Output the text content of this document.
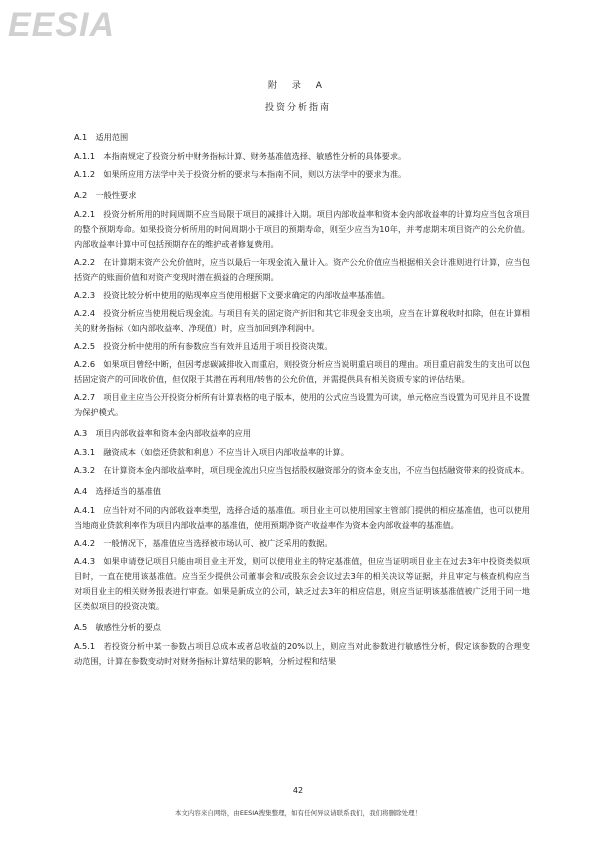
EESIA
附 录 A
投资分析指南

A.1　适用范围

A.1.1　本指南规定了投资分析中财务指标计算、财务基准值选择、敏感性分析的具体要求。

A.1.2　如果所应用方法学中关于投资分析的要求与本指南不同，则以方法学中的要求为准。

A.2　一般性要求

A.2.1　投资分析所用的时间周期不应当局限于项目的减排计入期。项目内部收益率和资本金内部收益率的计算均应当包含项目的整个预期寿命。如果投资分析所用的时间周期小于项目的预期寿命，则至少应当为10年，并考虑期末项目资产的公允价值。内部收益率计算中可包括预期存在的维护或者修复费用。

A.2.2　在计算期末资产公允价值时，应当以最后一年现金流入量计入。资产公允价值应当根据相关会计准则进行计算，应当包括资产的账面价值和对资产变现时潜在损益的合理预期。

A.2.3　投资比较分析中使用的贴现率应当使用根据下文要求确定的内部收益率基准值。

A.2.4　投资分析应当使用税后现金流。与项目有关的固定资产折旧和其它非现金支出项，应当在计算税收时扣除，但在计算相关的财务指标（如内部收益率、净现值）时，应当加回到净利润中。

A.2.5　投资分析中使用的所有参数应当有效并且适用于项目投资决策。

A.2.6　如果项目曾经中断，但因考虑碳减排收入而重启，则投资分析应当说明重启项目的理由。项目重启前发生的支出可以包括固定资产的可回收价值，但仅限于其潜在再利用/转售的公允价值，并需提供具有相关资质专家的评估结果。

A.2.7　项目业主应当公开投资分析所有计算表格的电子版本，使用的公式应当设置为可读，单元格应当设置为可见并且不设置为保护模式。

A.3　项目内部收益率和资本金内部收益率的应用

A.3.1　融资成本（如偿还贷款和利息）不应当计入项目内部收益率的计算。

A.3.2　在计算资本金内部收益率时，项目现金流出只应当包括股权融资部分的资本金支出，不应当包括融资带来的投资成本。

A.4　选择适当的基准值

A.4.1　应当针对不同的内部收益率类型，选择合适的基准值。项目业主可以使用国家主管部门提供的相应基准值，也可以使用当地商业贷款利率作为项目内部收益率的基准值，使用预期净资产收益率作为资本金内部收益率的基准值。

A.4.2　一般情况下，基准值应当选择被市场认可、被广泛采用的数据。

A.4.3　如果申请登记项目只能由项目业主开发，则可以使用业主的特定基准值，但应当证明项目业主在过去3年中投资类似项目时，一直在使用该基准值。应当至少提供公司董事会和/或股东会会议过去3年的相关决议等证据，并且审定与核查机构应当对项目业主的相关财务报表进行审查。如果是新成立的公司，缺乏过去3年的相应信息，则应当证明该基准值被广泛用于同一地区类似项目的投资决策。

A.5　敏感性分析的要点

A.5.1　若投资分析中某一参数占项目总成本或者总收益的20%以上，则应当对此参数进行敏感性分析，假定该参数的合理变动范围，计算在参数变动时对财务指标计算结果的影响，分析过程和结果

42
本文内容来自网络，由EESIA搜集整理，如有任何异议请联系我们，我们将删除处理！
